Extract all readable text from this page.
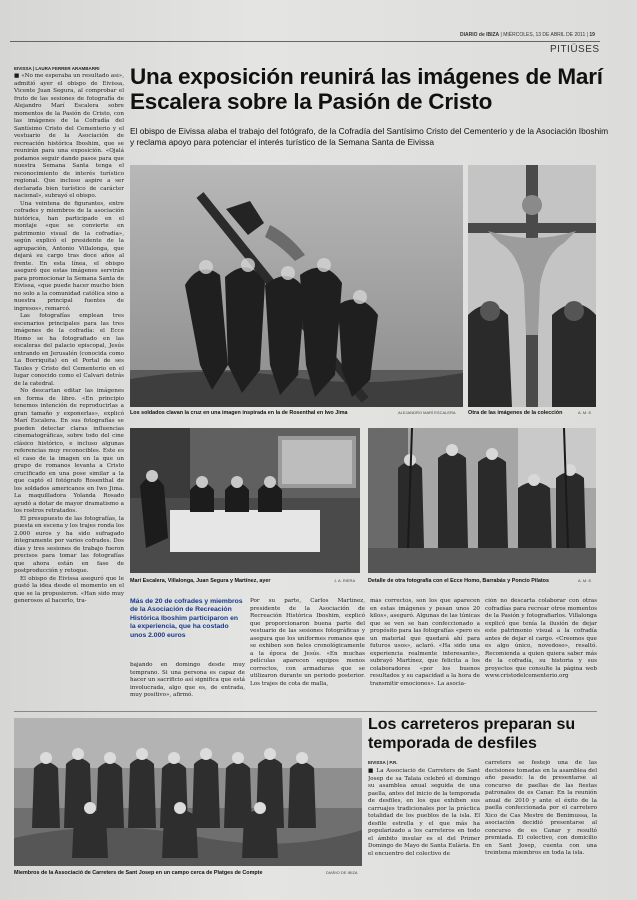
DIARIO de IBIZA | MIÉRCOLES, 13 DE ABRIL DE 2011 | 19
PITIÜSES
EIVISSA | LAURA FERRER ARAMBARRI Una exposición reunirá las imágenes de Marí Escalera sobre la Pasión de Cristo
El obispo de Eivissa alaba el trabajo del fotógrafo, de la Cofradía del Santísimo Cristo del Cementerio y de la Asociación Iboshim y reclama apoyo para potenciar el interés turístico de la Semana Santa de Eivissa

■ «No me esperaba un resultado así», admitió ayer el obispo de Eivissa, Vicente Juan Segura, al comprobar el fruto de las sesiones de fotografía de Alejandro Marí Escalera sobre momentos de la Pasión de Cristo, con las imágenes de la Cofradía del Santísimo Cristo del Cementerio y el vestuario de la Asociación de recreación histórica Iboshim, que se reunirán para una exposición. «Ojalá podamos seguir dando pasos para que nuestra Semana Santa tenga el reconocimiento de interés turístico regional. Que incluso aspire a ser declarada bien turístico de carácter nacional», subrayó el obispo.

Una veintena de figurantes, entre cofrades y miembros de la asociación histórica, han participado en el montaje «que se convierte en patrimonio visual de la cofradía», según explicó el presidente de la agrupación, Antonio Villalonga, que dejará su cargo tras doce años al frente. En esta línea, el obispo aseguró que estas imágenes servirán para promocionar la Semana Santa de Eivissa, «que puede hacer mucho bien no solo a la comunidad católica sino a nuestra principal fuentes de ingresos», remarcó.

Las fotografías emplean tres escenarios principales para las tres imágenes de la cofradía: el Ecce Homo se ha fotografiado en las escaleras del palacio episcopal, Jesús entrando en Jerusalén (conocida como La Borriquita) en el Portal de ses Taules y Cristo del Cementerio en el lugar conocido como el Calvari detrás de la catedral.

No descartan editar las imágenes en forma de libro. «En principio tenemos intención de reproducirlas a gran tamaño y exponerlas», explicó Marí Escalera. En sus fotografías se pueden detectar claras influencias cinematográficas, sobre todo del cine clásico histórico, e incluso algunas referencias muy reconocibles. Este es el caso de la imagen en la que un grupo de romanos levanta a Cristo crucificado en una pose similar a la que captó el fotógrafo Rosenthal de los soldados americanos en Iwo Jima. La maquilladora Yolanda Rosado ayudó a dotar de mayor dramatismo a los rostros retratados.

El presupuesto de las fotografías, la puesta en escena y los trajes ronda los 2.000 euros y ha sido sufragado íntegramente por varios cofrades. Dos días y tres sesiones de trabajo fueron precisos para tomar las fotografías que ahora están en fase de postproducción y retoque.

El obispo de Eivissa aseguró que le gustó la idea desde el momento en el que se la propusieron. «Han sido muy generosos al hacerlo, tra-

Los soldados clavan la cruz en una imagen inspirada en la de Rosenthal en Iwo Jima	ALEJANDRO MARÍ ESCALERA Otra de las imágenes de la colección	A. M. E.
Marí Escalera, Villalonga, Juan Segura y Martínez, ayer	J. A. RIERA Detalle de otra fotografía con el Ecce Homo, Barrabás y Poncio Pilatos	A. M. E.
Más de 20 de cofrades y miembros de la Asociación de Recreación Histórica Iboshim participaron en la experiencia, que ha costado unos 2.000 euros
bajando en domingo desde muy temprano. Si una persona es capaz de hacer un sacrificio así significa que está involucrada, algo que es, de entrada, muy positivo», afirmó.
Por su parte, Carlos Martínez, presidente de la Asociación de Recreación Histórica Iboshim, explicó que proporcionaron buena parte del vestuario de las sesiones fotográficas y asegura que los uniformes romanos que se exhiben son fieles cronológicamente a la época de Jesús. «En muchas películas aparecen equipos menos correctos, con armaduras que se utilizaron durante un periodo posterior. Los trajes de cota de malla,
más correctos, son los que aparecen en estas imágenes y pesan unos 20 kilos», aseguró. Algunas de las túnicas que se ven se han confeccionado a propósito para las fotografías «pero es un material que quedará ahí para futuros usos», aclaró. «Ha sido una experiencia realmente interesante», subrayó Martínez, que felicita a los colaboradores «por los buenos resultados y su capacidad a la hora de transmitir emociones». La asocia-
ción no descarta colaborar con otras cofradías para recrear otros momentos de la Pasión y fotografiarlos. Villalonga explicó que tenía la ilusión de dejar este patrimonio visual a la cofradía antes de dejar el cargo. «Creemos que es algo único, novedoso», resaltó. Recomienda a quien quiera saber más de la cofradía, su historia y sus proyectos que consulte la página web www.cristodelcementerio.org
Miembros de la Associació de Carreters de Sant Josep en un campo cerca de Platges de Compte	DIARIO DE IBIZA
Los carreteros preparan su temporada de desfiles
EIVISSA | P.R.
■ La Associació de Carreters de Sant Josep de sa Talaia celebró el domingo su asamblea anual seguida de una paella, antes del inicio de la temporada de desfiles, en los que exhiben sus carruajes tradicionales por la práctica totalidad de los pueblos de la isla. El desfile estrella y el que más ha popularizado a los carreteros en todo el ámbito insular es el del Primer Domingo de Mayo de Santa Eulària. En el encuentro del colectivo de
carreters se festejó una de las decisiones tomadas en la asamblea del año pasado: la de presentarse al concurso de paellas de las fiestas patronales de es Canar. En la reunión anual de 2010 y ante el éxito de la paella confeccionada por el carretero Xico de Cas Mestre de Benimussa, la asociación decidió presentarse al concurso de es Canar y resultó premiada. El colectivo, con domicilio en Sant Josep, cuenta con una treintena miembros en toda la isla.
